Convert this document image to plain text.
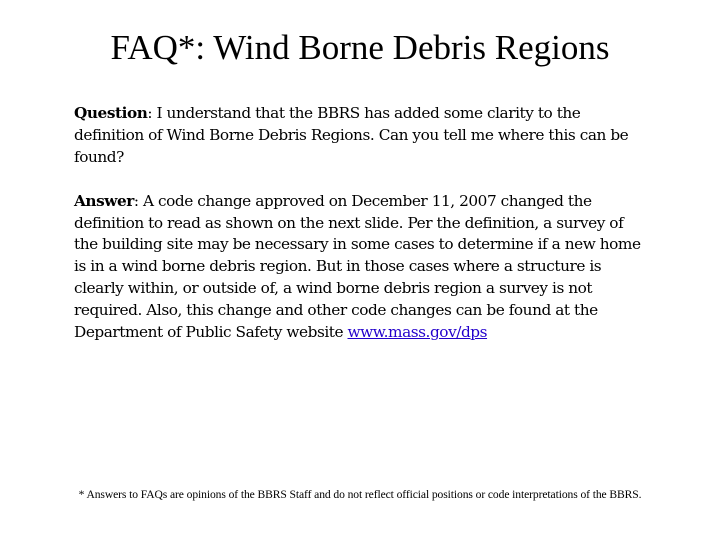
FAQ*: Wind Borne Debris Regions

Question: I understand that the BBRS has added some clarity to the definition of Wind Borne Debris Regions. Can you tell me where this can be found?

Answer: A code change approved on December 11, 2007 changed the definition to read as shown on the next slide. Per the definition, a survey of the building site may be necessary in some cases to determine if a new home is in a wind borne debris region. But in those cases where a structure is clearly within, or outside of, a wind borne debris region a survey is not required. Also, this change and other code changes can be found at the Department of Public Safety website www.mass.gov/dps

* Answers to FAQs are opinions of the BBRS Staff and do not reflect official positions or code interpretations of the BBRS.
